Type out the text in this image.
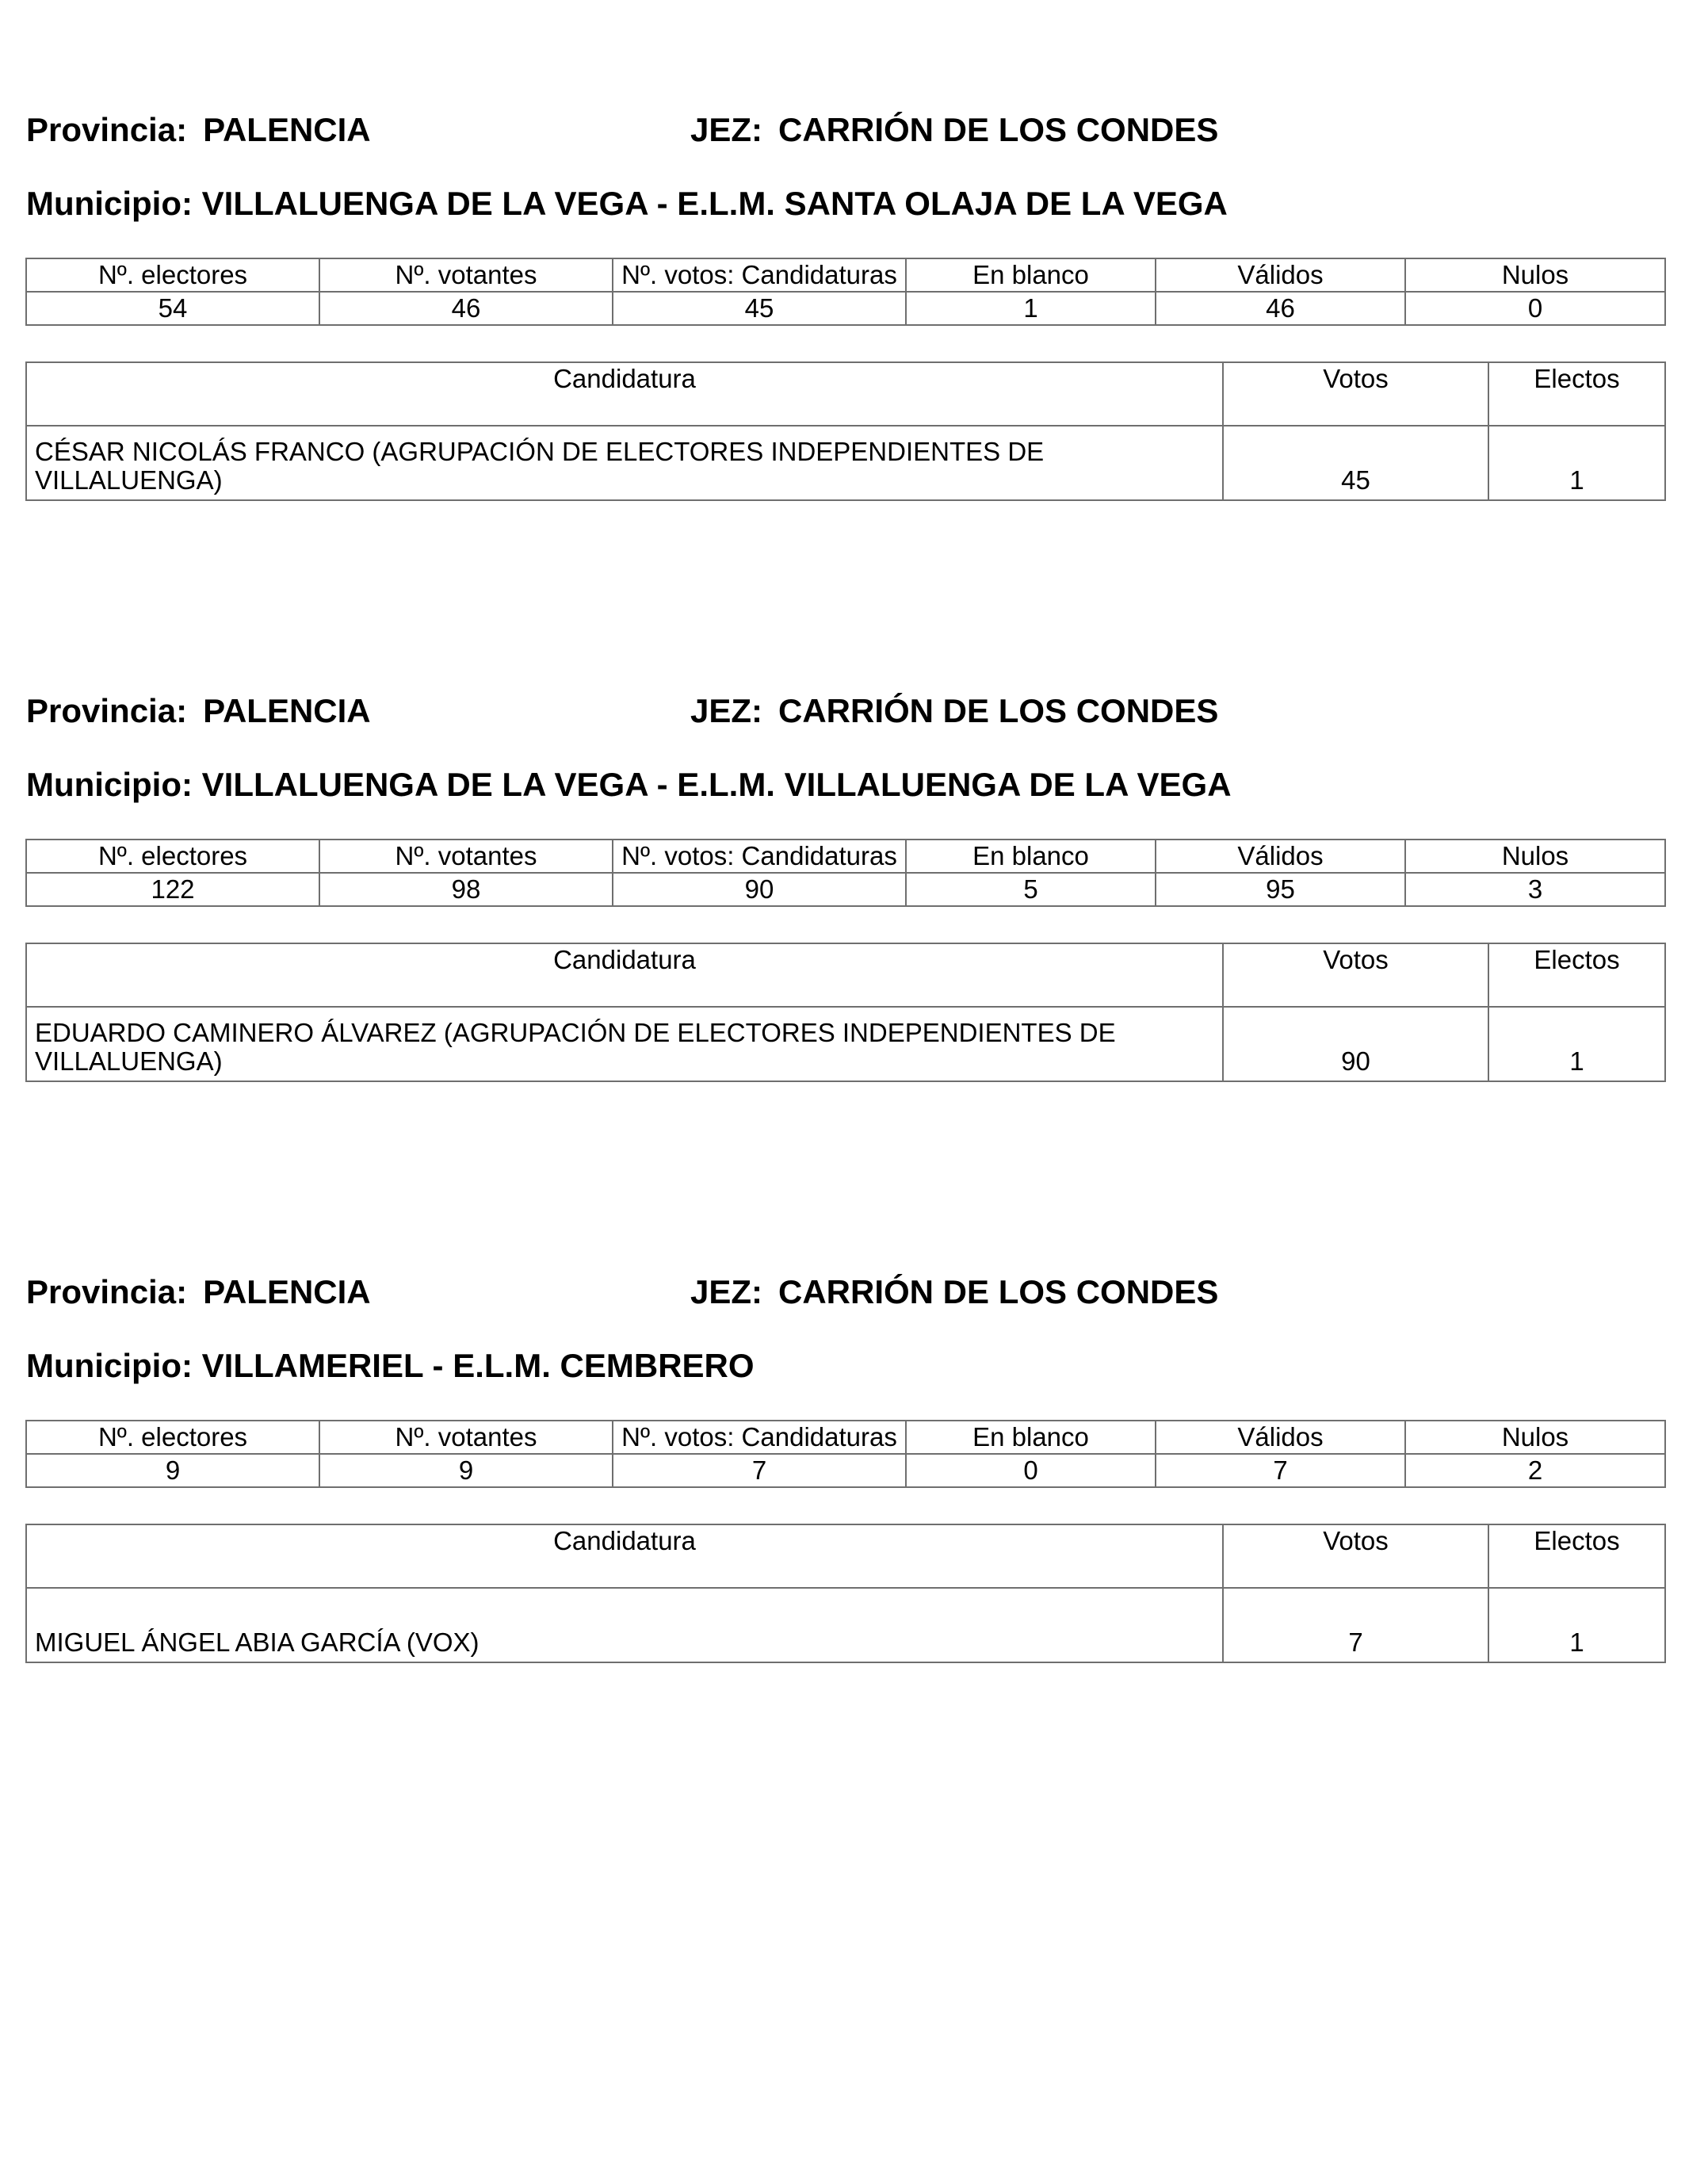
Provincia: PALENCIA	JEZ: CARRIÓN DE LOS CONDES
Municipio: VILLALUENGA DE LA VEGA - E.L.M. SANTA OLAJA DE LA VEGA
Nº. electores	Nº. votantes	Nº. votos: Candidaturas	En blanco	Válidos	Nulos
54	46	45	1	46	0
Candidatura	Votos	Electos
CÉSAR NICOLÁS FRANCO (AGRUPACIÓN DE ELECTORES INDEPENDIENTES DE VILLALUENGA)	45	1
Provincia: PALENCIA	JEZ: CARRIÓN DE LOS CONDES
Municipio: VILLALUENGA DE LA VEGA - E.L.M. VILLALUENGA DE LA VEGA
Nº. electores	Nº. votantes	Nº. votos: Candidaturas	En blanco	Válidos	Nulos
122	98	90	5	95	3
Candidatura	Votos	Electos
EDUARDO CAMINERO ÁLVAREZ (AGRUPACIÓN DE ELECTORES INDEPENDIENTES DE VILLALUENGA)	90	1
Provincia: PALENCIA	JEZ: CARRIÓN DE LOS CONDES
Municipio: VILLAMERIEL - E.L.M. CEMBRERO
Nº. electores	Nº. votantes	Nº. votos: Candidaturas	En blanco	Válidos	Nulos
9	9	7	0	7	2
Candidatura	Votos	Electos
MIGUEL ÁNGEL ABIA GARCÍA (VOX)	7	1
